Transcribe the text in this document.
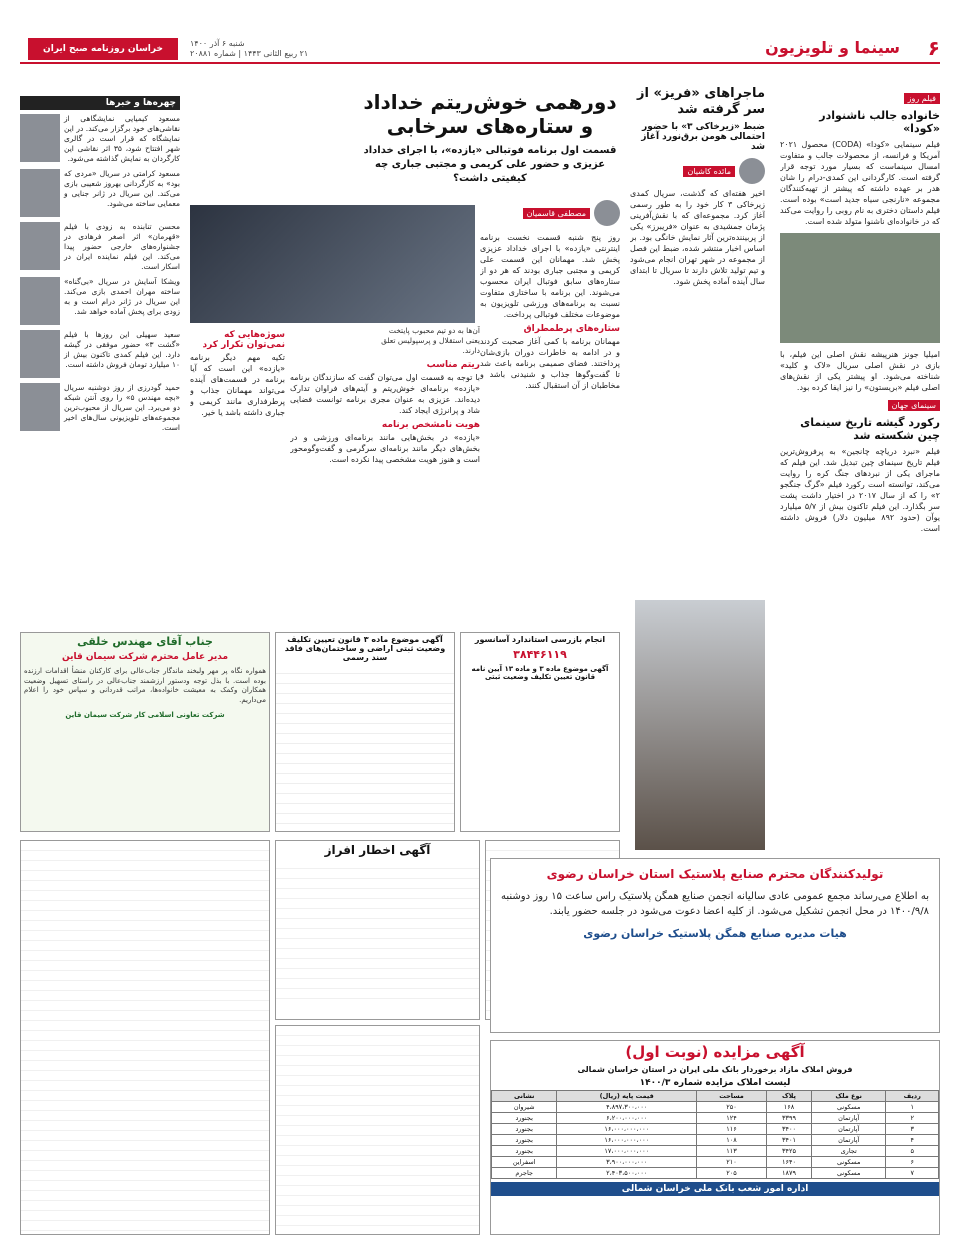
۶
سینما و تلویزیون
شنبه ۶ آذر ۱۴۰۰
۲۱ ربیع الثانی ۱۴۴۳ | شماره ۲۰۸۸۱
خراسان روزنامه صبح ایران
فیلم روز
خانواده جالب ناشنوادر «کودا»
فیلم سینمایی «کودا» (CODA) محصول ۲۰۲۱ آمریکا و فرانسه، از محصولات جالب و متفاوت امسال سینماست که بسیار مورد توجه قرار گرفته است. کارگردانی این کمدی-درام را شان هدر بر عهده داشته که پیشتر از تهیه‌کنندگان مجموعه «نارنجی سیاه جدید است» بوده است. فیلم داستان دختری به نام روبی را روایت می‌کند که در خانواده‌ای ناشنوا متولد شده است.
امیلیا جونز هنرپیشه نقش اصلی این فیلم، با بازی در نقش اصلی سریال «لاک و کلید» شناخته می‌شود. او پیشتر یکی از نقش‌های اصلی فیلم «بریستون» را نیز ایفا کرده بود.
سینمای جهان
رکورد گیشه تاریخ سینمای چین شکسته شد
فیلم «نبرد دریاچه چانجین» به پرفروش‌ترین فیلم تاریخ سینمای چین تبدیل شد. این فیلم که ماجرای یکی از نبردهای جنگ کره را روایت می‌کند، توانسته است رکورد فیلم «گرگ جنگجو ۲» را که از سال ۲۰۱۷ در اختیار داشت پشت سر بگذارد. این فیلم تاکنون بیش از ۵/۷ میلیارد یوآن (حدود ۸۹۲ میلیون دلار) فروش داشته است.
ماجراهای «فریز» از سر گرفته شد
ضبط «زیرخاکی ۳» با حضور احتمالی هومن برق‌نورد آغاز شد
مائده کاشیان
اخیر هفته‌ای که گذشت، سریال کمدی زیرخاکی ۳ کار خود را به طور رسمی آغاز کرد. مجموعه‌ای که با نقش‌آفرینی پژمان جمشیدی به عنوان «فریبرز» یکی از پربیننده‌ترین آثار نمایش خانگی بود. بر اساس اخبار منتشر شده، ضبط این فصل از مجموعه در شهر تهران انجام می‌شود و تیم تولید تلاش دارند تا سریال تا ابتدای سال آینده آماده پخش شود.
دورهمی خوش‌ریتم خداداد
و ستاره‌های سرخابی
قسمت اول برنامه فوتبالی «یازده»، با اجرای خداداد عزیزی و حضور علی کریمی و مجتبی جباری چه کیفیتی داشت؟
مصطفی قاسمیان
روز پنج شنبه قسمت نخست برنامه اینترنتی «یازده» با اجرای خداداد عزیزی پخش شد. مهمانان این قسمت علی کریمی و مجتبی جباری بودند که هر دو از ستاره‌های سابق فوتبال ایران محسوب می‌شوند. این برنامه با ساختاری متفاوت نسبت به برنامه‌های ورزشی تلویزیون به موضوعات مختلف فوتبالی پرداخت.
ستاره‌های پرطمطراق
مهمانان برنامه با کمی آغاز صحبت کردند و در ادامه به خاطرات دوران بازی‌شان پرداختند. فضای صمیمی برنامه باعث شد تا گفت‌وگوها جذاب و شنیدنی باشد و مخاطبان از آن استقبال کنند.
آن‌ها به دو تیم محبوب پایتخت یعنی استقلال و پرسپولیس تعلق دارند.
ریتم مناسب
با توجه به قسمت اول می‌توان گفت که سازندگان برنامه «یازده» برنامه‌ای خوش‌ریتم و آیتم‌های فراوان تدارک دیده‌اند. عزیزی به عنوان مجری برنامه توانست فضایی شاد و پرانرژی ایجاد کند.
هویت نامشخص برنامه
«یازده» در بخش‌هایی مانند برنامه‌ای ورزشی و در بخش‌های دیگر مانند برنامه‌ای سرگرمی و گفت‌وگومحور است و هنوز هویت مشخصی پیدا نکرده است.
سوژه‌هایی که نمی‌توان تکرار کرد
تکیه مهم دیگر برنامه «یازده» این است که آیا برنامه در قسمت‌های آینده می‌تواند مهمانان جذاب و پرطرفداری مانند کریمی و جباری داشته باشد یا خیر.
چهره‌ها و خبرها
مسعود کیمیایی نمایشگاهی از نقاشی‌های خود برگزار می‌کند. در این نمایشگاه که قرار است در گالری شهر افتتاح شود، ۳۵ اثر نقاشی این کارگردان به نمایش گذاشته می‌شود.
مسعود کرامتی در سریال «مردی که بود» به کارگردانی بهروز شعیبی بازی می‌کند. این سریال در ژانر جنایی و معمایی ساخته می‌شود.
محسن تنابنده به زودی با فیلم «قهرمان» اثر اصغر فرهادی در جشنواره‌های خارجی حضور پیدا می‌کند. این فیلم نماینده ایران در اسکار است.
ویشکا آسایش در سریال «بی‌گناه» ساخته مهران احمدی بازی می‌کند. این سریال در ژانر درام است و به زودی برای پخش آماده خواهد شد.
سعید سهیلی این روزها با فیلم «گشت ۳» حضور موفقی در گیشه دارد. این فیلم کمدی تاکنون بیش از ۱۰ میلیارد تومان فروش داشته است.
حمید گودرزی از روز دوشنبه سریال «بچه مهندس ۵» را روی آنتن شبکه دو می‌برد. این سریال از محبوب‌ترین مجموعه‌های تلویزیونی سال‌های اخیر است.
جناب آقای مهندس خلقی
مدیر عامل محترم شرکت سیمان قاین
همواره نگاه پر مهر ولبخند ماندگار جناب‌عالی برای کارکنان منشأ اقدامات ارزنده بوده است. با بذل توجه ودستور ارزشمند جناب‌عالی در راستای تسهیل وضعیت همکاران وکمک به معیشت خانواده‌ها، مراتب قدردانی و سپاس خود را اعلام می‌داریم.
شرکت تعاونی اسلامی کار شرکت سیمان قاین
آگهی موضوع ماده ۳ قانون تعیین تکلیف وضعیت ثبتی اراضی و ساختمان‌های فاقد سند رسمی
انجام بازرسی استاندارد آسانسور
۳۸۴۴۶۱۱۹
آگهی موضوع ماده ۳ و ماده ۱۳ آیین نامه قانون تعیین تکلیف وضعیت ثبتی
آگهی اخطار افراز
تولیدکنندگان محترم صنایع پلاستیک استان خراسان رضوی
به اطلاع می‌رساند مجمع عمومی عادی سالیانه انجمن صنایع همگن پلاستیک راس ساعت ۱۵ روز دوشنبه ۱۴۰۰/۹/۸ در محل انجمن تشکیل می‌شود. از کلیه اعضا دعوت می‌شود در جلسه حضور یابند.
هیات مدیره صنایع همگن پلاستیک خراسان رضوی
آگهی مزایده (نوبت اول)
فروش املاک مازاد برخوردار بانک ملی ایران در استان خراسان شمالی
لیست املاک مزایده شماره ۱۴۰۰/۳
ردیف	نوع ملک	پلاک	مساحت	قیمت پایه (ریال)	نشانی
۱	مسکونی	۱۶۸	۲۵۰	۴،۸۹۷،۳۰۰،۰۰۰	شیروان
۲	آپارتمان	۳۳۹۹	۱۲۴	۶،۲۰۰،۰۰۰،۰۰۰	بجنورد
۳	آپارتمان	۳۴۰۰	۱۱۶	۱۶،۰۰۰،۰۰۰،۰۰۰	بجنورد
۴	آپارتمان	۳۴۰۱	۱۰۸	۱۶،۰۰۰،۰۰۰،۰۰۰	بجنورد
۵	تجاری	۳۴۲۵	۱۱۳	۱۷،۰۰۰،۰۰۰،۰۰۰	بجنورد
۶	مسکونی	۱۶۴۰	۲۱۰	۳،۹۰۰،۰۰۰،۰۰۰	اسفراین
۷	مسکونی	۱۸۷۹	۲۰۵	۲،۴۰۳،۵۰۰،۰۰۰	جاجرم
اداره امور شعب بانک ملی خراسان شمالی
